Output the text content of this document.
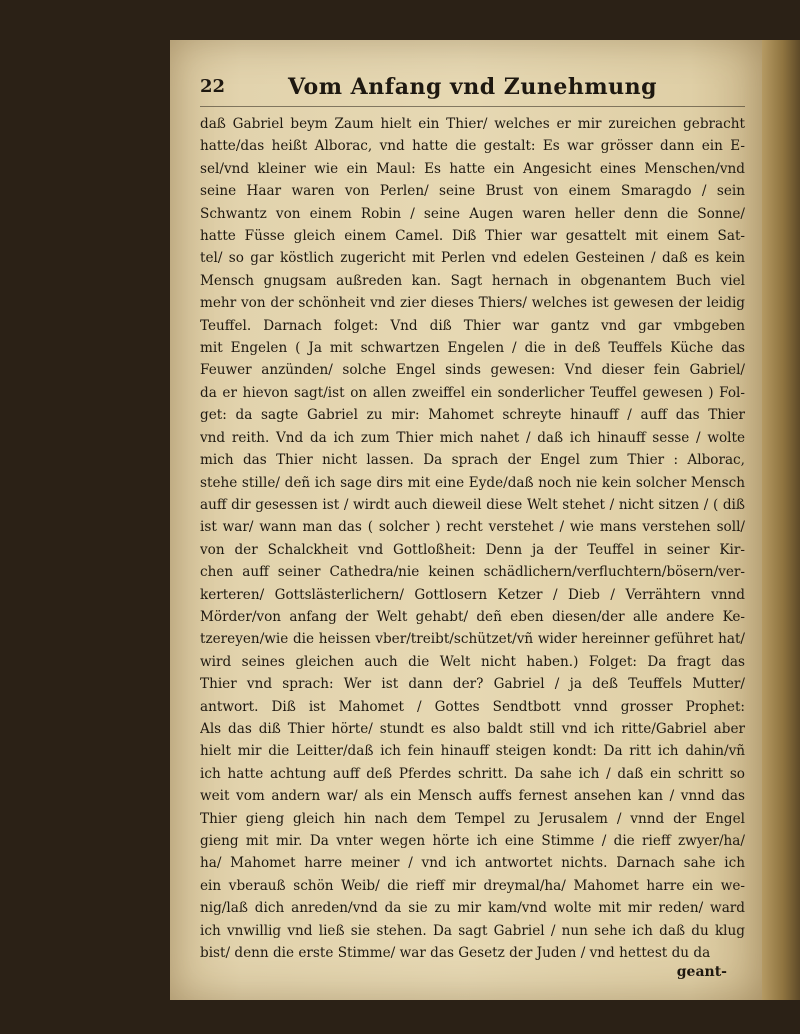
22	Vom Anfang vnd Zunehmung
daß Gabriel beym Zaum hielt ein Thier/ welches er mir zureichen gebracht
hatte/das heißt Alborac, vnd hatte die gestalt: Es war grösser dann ein E-
sel/vnd kleiner wie ein Maul: Es hatte ein Angesicht eines Menschen/vnd
seine Haar waren von Perlen/ seine Brust von einem Smaragdo / sein
Schwantz von einem Robin / seine Augen waren heller denn die Sonne/
hatte Füsse gleich einem Camel. Diß Thier war gesattelt mit einem Sat-
tel/ so gar köstlich zugericht mit Perlen vnd edelen Gesteinen / daß es kein
Mensch gnugsam außreden kan. Sagt hernach in obgenantem Buch viel
mehr von der schönheit vnd zier dieses Thiers/ welches ist gewesen der leidig
Teuffel. Darnach folget: Vnd diß Thier war gantz vnd gar vmbgeben
mit Engelen ( Ja mit schwartzen Engelen / die in deß Teuffels Küche das
Feuwer anzünden/ solche Engel sinds gewesen: Vnd dieser fein Gabriel/
da er hievon sagt/ist on allen zweiffel ein sonderlicher Teuffel gewesen ) Fol-
get: da sagte Gabriel zu mir: Mahomet schreyte hinauff / auff das Thier
vnd reith. Vnd da ich zum Thier mich nahet / daß ich hinauff sesse / wolte
mich das Thier nicht lassen. Da sprach der Engel zum Thier : Alborac,
stehe stille/ deñ ich sage dirs mit eine Eyde/daß noch nie kein solcher Mensch
auff dir gesessen ist / wirdt auch dieweil diese Welt stehet / nicht sitzen / ( diß
ist war/ wann man das ( solcher ) recht verstehet / wie mans verstehen soll/
von der Schalckheit vnd Gottloßheit: Denn ja der Teuffel in seiner Kir-
chen auff seiner Cathedra/nie keinen schädlichern/verfluchtern/bösern/ver-
kerteren/ Gottslästerlichern/ Gottlosern Ketzer / Dieb / Verrähtern vnnd
Mörder/von anfang der Welt gehabt/ deñ eben diesen/der alle andere Ke-
tzereyen/wie die heissen vber/treibt/schützet/vñ wider hereinner geführet hat/
wird seines gleichen auch die Welt nicht haben.) Folget: Da fragt das
Thier vnd sprach: Wer ist dann der? Gabriel / ja deß Teuffels Mutter/
antwort. Diß ist Mahomet / Gottes Sendtbott vnnd grosser Prophet:
Als das diß Thier hörte/ stundt es also baldt still vnd ich ritte/Gabriel aber
hielt mir die Leitter/daß ich fein hinauff steigen kondt: Da ritt ich dahin/vñ
ich hatte achtung auff deß Pferdes schritt. Da sahe ich / daß ein schritt so
weit vom andern war/ als ein Mensch auffs fernest ansehen kan / vnnd das
Thier gieng gleich hin nach dem Tempel zu Jerusalem / vnnd der Engel
gieng mit mir. Da vnter wegen hörte ich eine Stimme / die rieff zwyer/ha/
ha/ Mahomet harre meiner / vnd ich antwortet nichts. Darnach sahe ich
ein vberauß schön Weib/ die rieff mir dreymal/ha/ Mahomet harre ein we-
nig/laß dich anreden/vnd da sie zu mir kam/vnd wolte mit mir reden/ ward
ich vnwillig vnd ließ sie stehen. Da sagt Gabriel / nun sehe ich daß du klug
bist/ denn die erste Stimme/ war das Gesetz der Juden / vnd hettest du da
geant-
